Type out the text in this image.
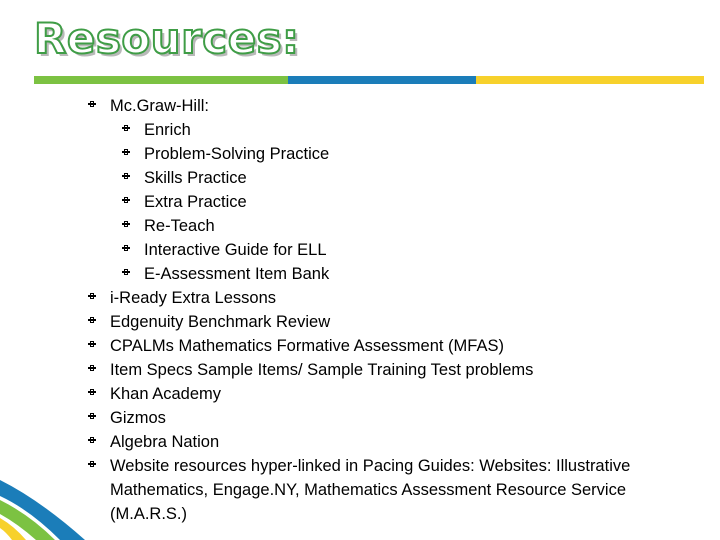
Resources:
Mc.Graw-Hill:
Enrich
Problem-Solving Practice
Skills Practice
Extra Practice
Re-Teach
Interactive Guide for ELL
E-Assessment Item Bank
i-Ready Extra Lessons
Edgenuity Benchmark Review
CPALMs Mathematics Formative Assessment (MFAS)
Item Specs Sample Items/ Sample Training Test problems
Khan Academy
Gizmos
Algebra Nation
Website resources hyper-linked in Pacing Guides: Websites: Illustrative Mathematics, Engage.NY, Mathematics Assessment Resource Service (M.A.R.S.)
